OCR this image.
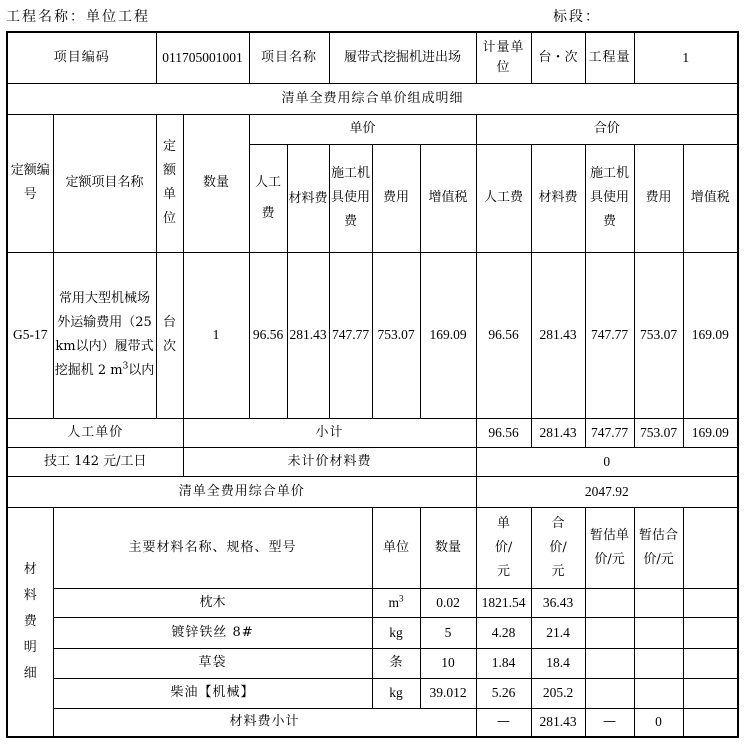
工程名称：单位工程	标段：
项目编码		011705001001		项目名称		履带式挖掘机进出场			计量单位	台・次	工程量	1	
清单全费用综合单价组成明细													
定额编号	定额项目名称	定额单位	数量	单价					合价				
				人工费	材料费	施工机具使用费	费用	增值税	人工费	材料费	施工机具使用费	费用	增值税
G5-17	常用大型机械场外运输费用（25 km以内）履带式挖掘机 2 $m^3$以内	台次	1	96.56	281.43	747.77	753.07	169.09	96.56	281.43	747.77	753.07	169.09
人工单价			小计						96.56	281.43	747.77	753.07	169.09
技工 142 元/工日			未计价材料费						0				
清单全费用综合单价									2047.92				
材料费明细	主要材料名称、规格、型号						单位	数量	单价/元	合价/元	暂估单价/元	暂估合价/元	
	枕木						$m^3$	0.02	1821.54	36.43			
	镀锌铁丝 8#						kg	5	4.28	21.4			
	草袋						条	10	1.84	18.4			
	柴油【机械】						kg	39.012	5.26	205.2			
	材料费小计								—	281.43	—	0	
